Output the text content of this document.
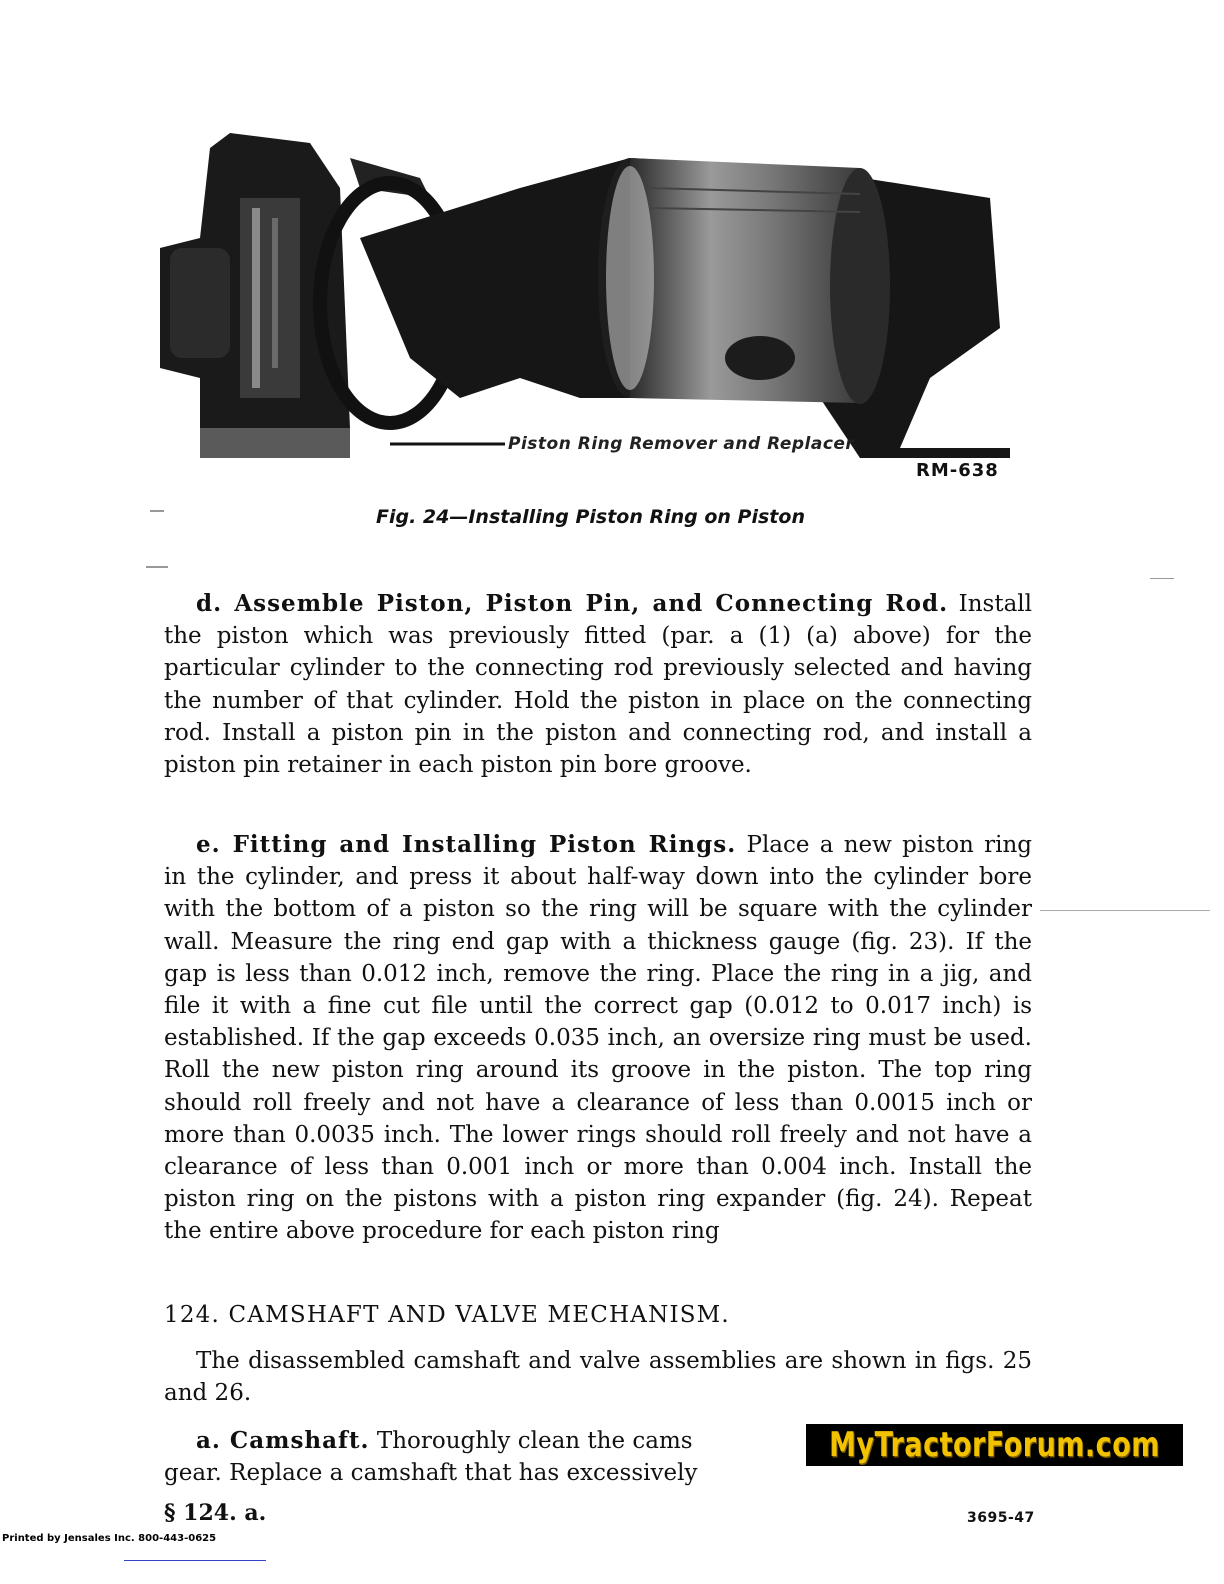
Piston Ring Remover and Replacer
RM-638
Fig. 24—Installing Piston Ring on Piston

d. Assemble Piston, Piston Pin, and Connecting Rod. Install the piston which was previously fitted (par. a (1) (a) above) for the particular cylinder to the connecting rod previously selected and having the number of that cylinder. Hold the piston in place on the connecting rod. Install a piston pin in the piston and connecting rod, and install a piston pin retainer in each piston pin bore groove.

e. Fitting and Installing Piston Rings. Place a new piston ring in the cylinder, and press it about half-way down into the cylinder bore with the bottom of a piston so the ring will be square with the cylinder wall. Measure the ring end gap with a thickness gauge (fig. 23). If the gap is less than 0.012 inch, remove the ring. Place the ring in a jig, and file it with a fine cut file until the correct gap (0.012 to 0.017 inch) is established. If the gap exceeds 0.035 inch, an oversize ring must be used. Roll the new piston ring around its groove in the piston. The top ring should roll freely and not have a clearance of less than 0.0015 inch or more than 0.0035 inch. The lower rings should roll freely and not have a clearance of less than 0.001 inch or more than 0.004 inch. Install the piston ring on the pistons with a piston ring expander (fig. 24). Repeat the entire above procedure for each piston ring

124. CAMSHAFT AND VALVE MECHANISM.

The disassembled camshaft and valve assemblies are shown in figs. 25 and 26.

a. Camshaft. Thoroughly clean the cams
gear. Replace a camshaft that has excessively

MyTractorForum.com
§ 124. a.	3695-47
Printed by Jensales Inc. 800-443-0625
